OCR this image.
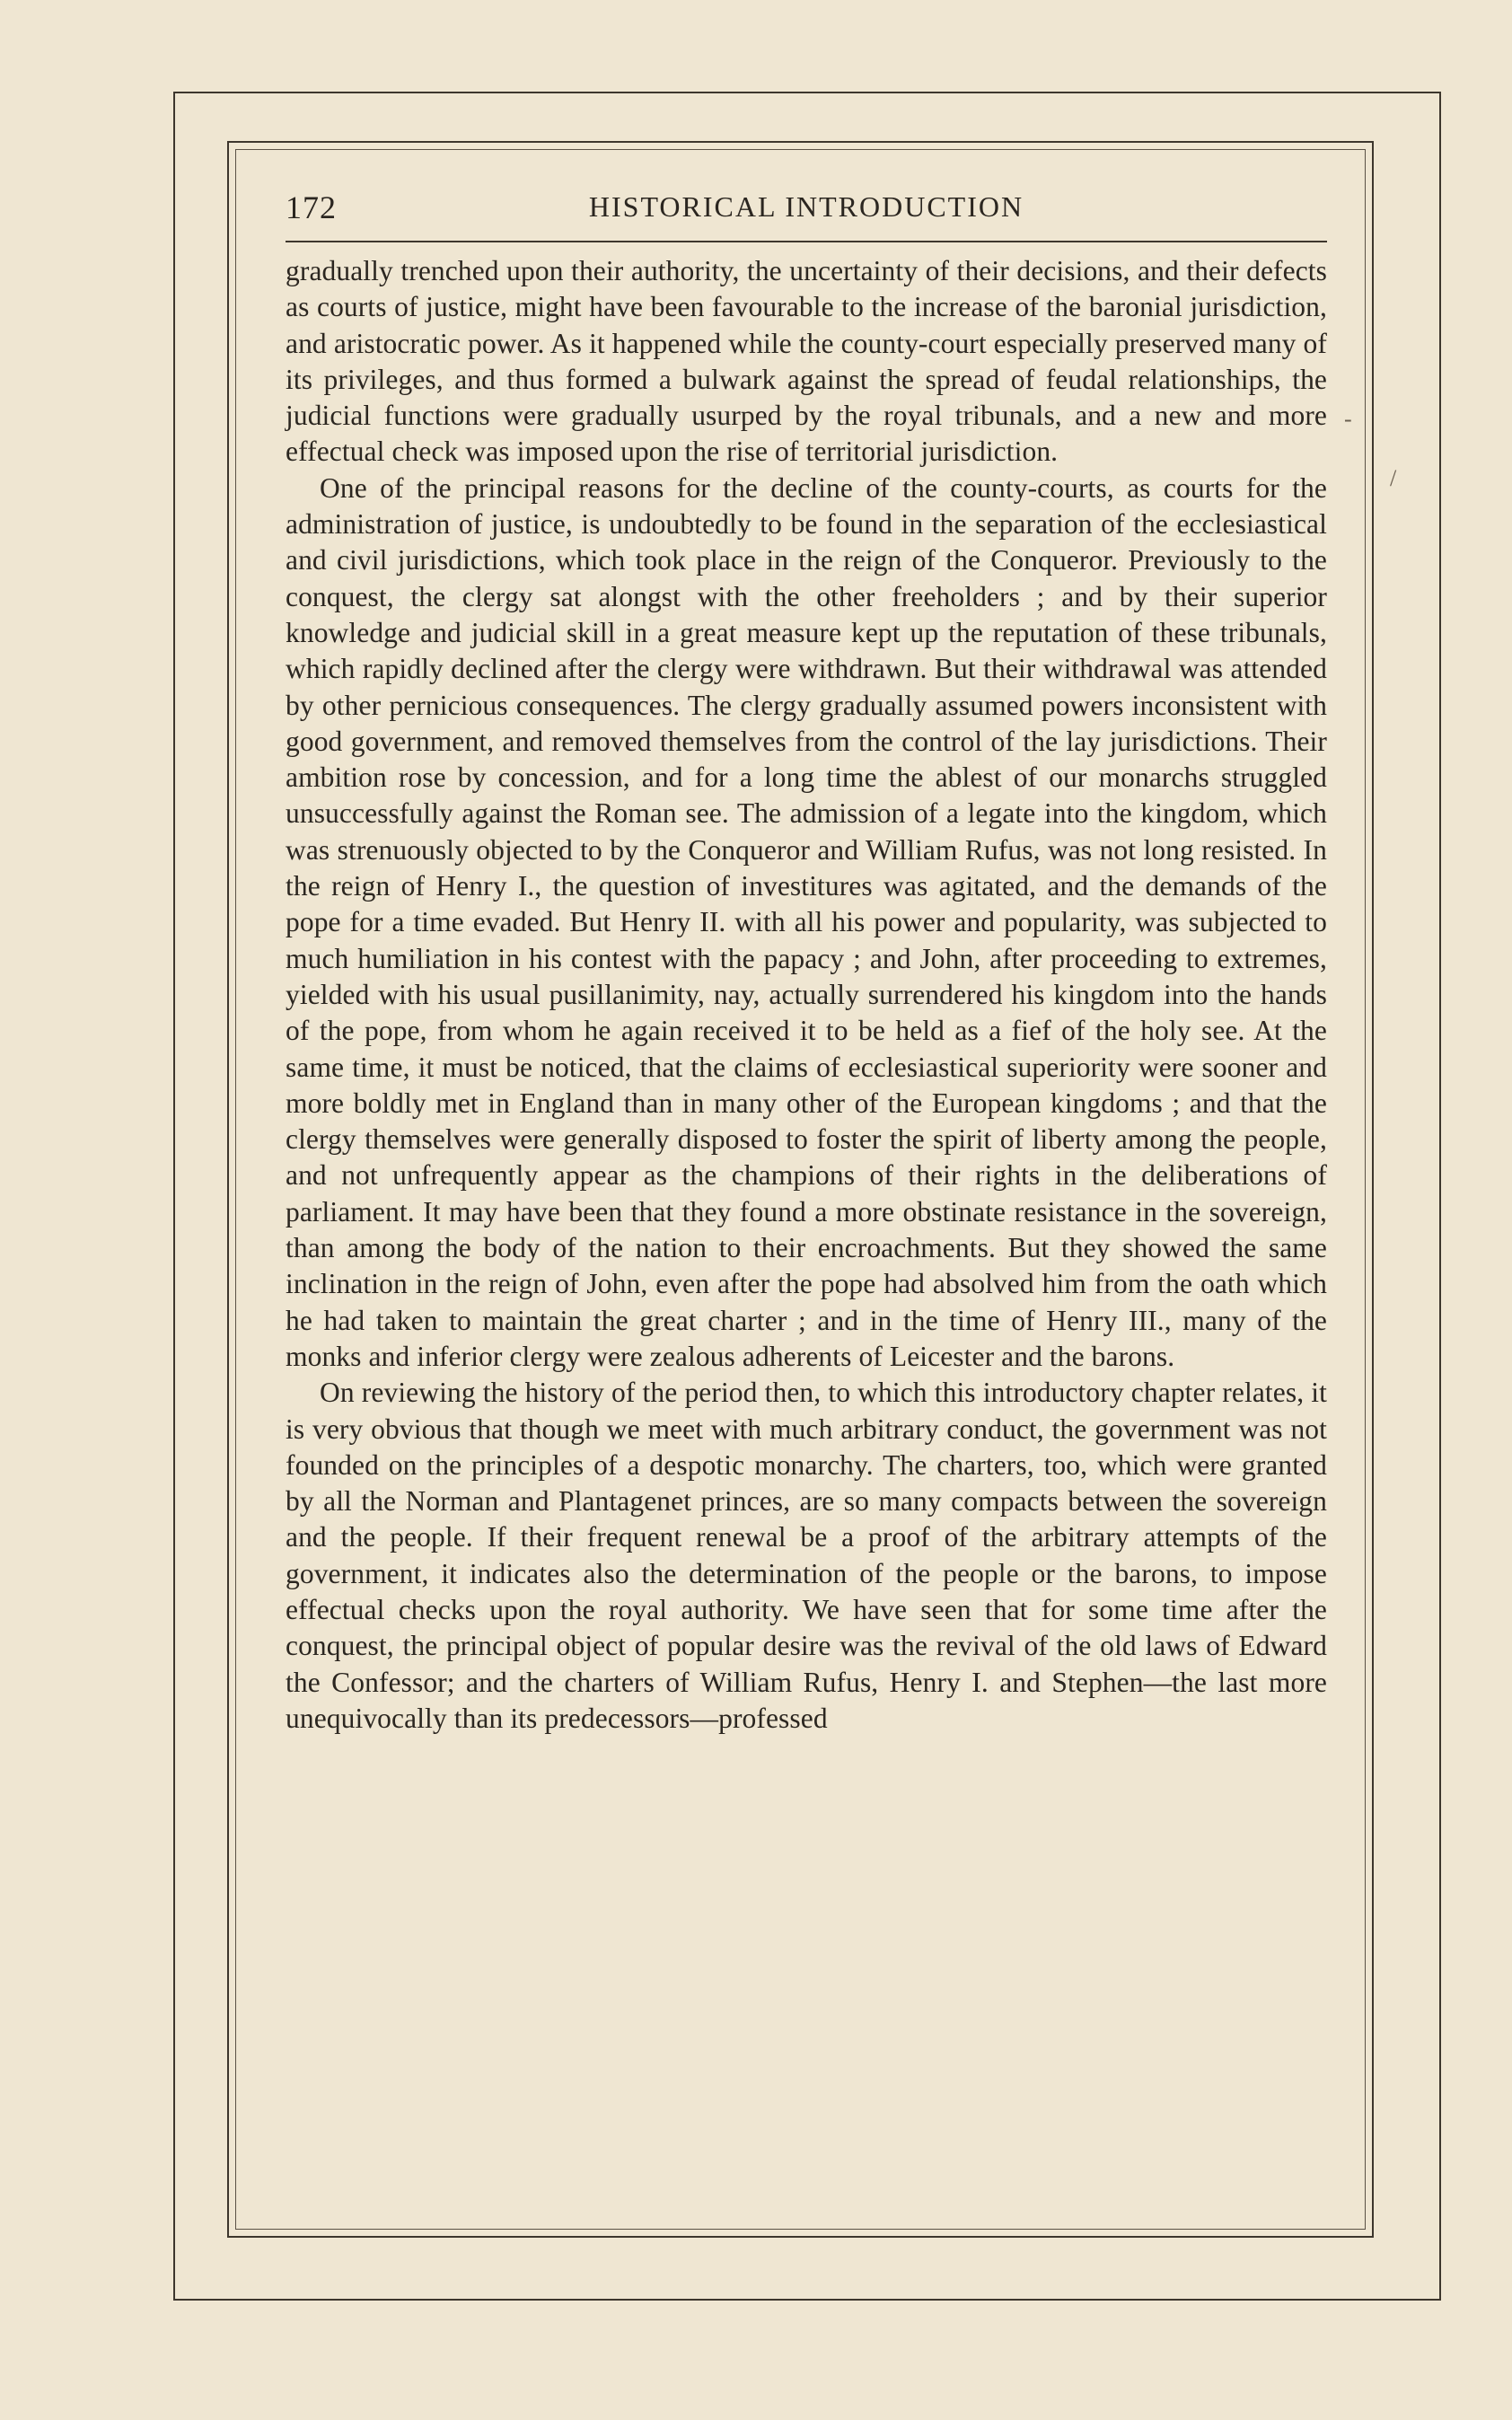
172	HISTORICAL INTRODUCTION

gradually trenched upon their authority, the uncertainty of their decisions, and their defects as courts of justice, might have been favourable to the increase of the baronial jurisdiction, and aristocratic power. As it happened while the county-court especially preserved many of its privileges, and thus formed a bulwark against the spread of feudal relationships, the judicial functions were gradually usurped by the royal tribunals, and a new and more effectual check was imposed upon the rise of territorial jurisdiction.

One of the principal reasons for the decline of the county-courts, as courts for the administration of justice, is undoubtedly to be found in the separation of the ecclesiastical and civil jurisdictions, which took place in the reign of the Conqueror. Previously to the conquest, the clergy sat alongst with the other freeholders ; and by their superior knowledge and judicial skill in a great measure kept up the reputation of these tribunals, which rapidly declined after the clergy were withdrawn. But their withdrawal was attended by other pernicious consequences. The clergy gradually assumed powers inconsistent with good government, and removed themselves from the control of the lay jurisdictions. Their ambition rose by concession, and for a long time the ablest of our monarchs struggled unsuccessfully against the Roman see. The admission of a legate into the kingdom, which was strenuously objected to by the Conqueror and William Rufus, was not long resisted. In the reign of Henry I., the question of investitures was agitated, and the demands of the pope for a time evaded. But Henry II. with all his power and popularity, was subjected to much humiliation in his contest with the papacy ; and John, after proceeding to extremes, yielded with his usual pusillanimity, nay, actually surrendered his kingdom into the hands of the pope, from whom he again received it to be held as a fief of the holy see. At the same time, it must be noticed, that the claims of ecclesiastical superiority were sooner and more boldly met in England than in many other of the European kingdoms ; and that the clergy themselves were generally disposed to foster the spirit of liberty among the people, and not unfrequently appear as the champions of their rights in the deliberations of parliament. It may have been that they found a more obstinate resistance in the sovereign, than among the body of the nation to their encroachments. But they showed the same inclination in the reign of John, even after the pope had absolved him from the oath which he had taken to maintain the great charter ; and in the time of Henry III., many of the monks and inferior clergy were zealous adherents of Leicester and the barons.

On reviewing the history of the period then, to which this introductory chapter relates, it is very obvious that though we meet with much arbitrary conduct, the government was not founded on the principles of a despotic monarchy. The charters, too, which were granted by all the Norman and Plantagenet princes, are so many compacts between the sovereign and the people. If their frequent renewal be a proof of the arbitrary attempts of the government, it indicates also the determination of the people or the barons, to impose effectual checks upon the royal authority. We have seen that for some time after the conquest, the principal object of popular desire was the revival of the old laws of Edward the Confessor; and the charters of William Rufus, Henry I. and Stephen—the last more unequivocally than its predecessors—professed

-
/
